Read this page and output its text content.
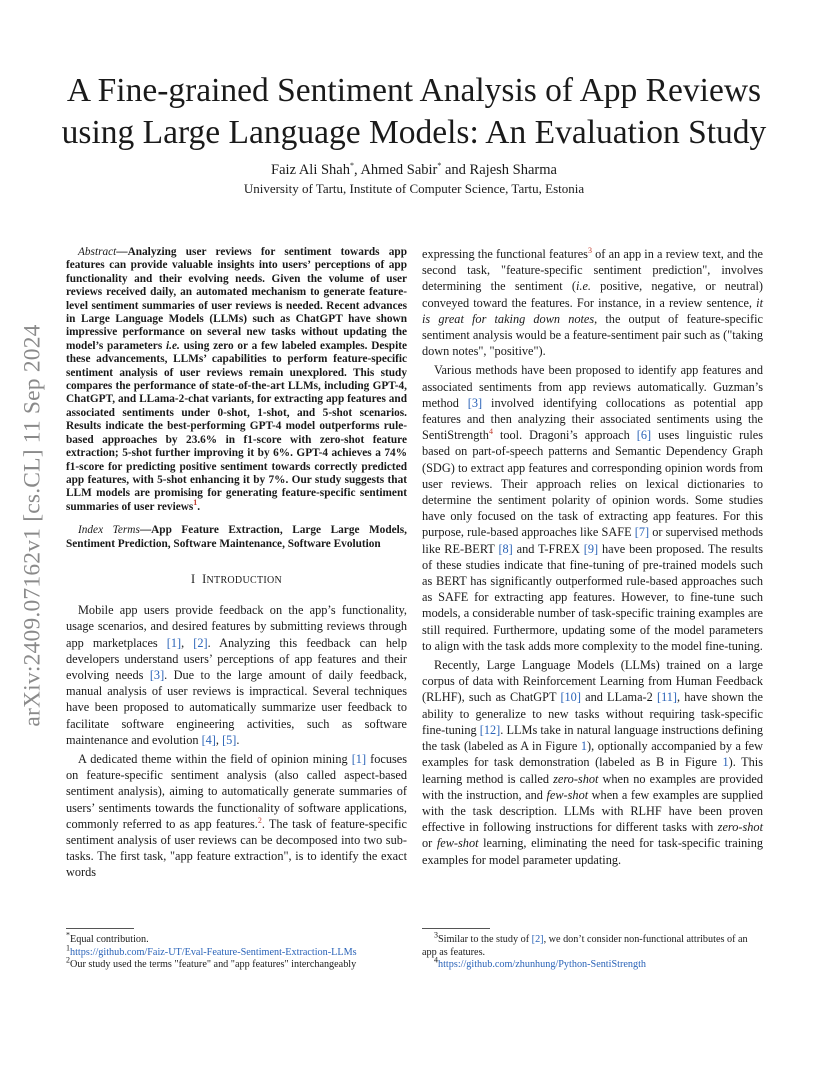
arXiv:2409.07162v1 [cs.CL] 11 Sep 2024
A Fine-grained Sentiment Analysis of App Reviews
using Large Language Models: An Evaluation Study
Faiz Ali Shah*, Ahmed Sabir* and Rajesh Sharma
University of Tartu, Institute of Computer Science, Tartu, Estonia

Abstract—Analyzing user reviews for sentiment towards app features can provide valuable insights into users’ perceptions of app functionality and their evolving needs. Given the volume of user reviews received daily, an automated mechanism to generate feature-level sentiment summaries of user reviews is needed. Recent advances in Large Language Models (LLMs) such as ChatGPT have shown impressive performance on several new tasks without updating the model’s parameters i.e. using zero or a few labeled examples. Despite these advancements, LLMs’ capabilities to perform feature-specific sentiment analysis of user reviews remain unexplored. This study compares the performance of state-of-the-art LLMs, including GPT-4, ChatGPT, and LLama-2-chat variants, for extracting app features and associated sentiments under 0-shot, 1-shot, and 5-shot scenarios. Results indicate the best-performing GPT-4 model outperforms rule-based approaches by 23.6% in f1-score with zero-shot feature extraction; 5-shot further improving it by 6%. GPT-4 achieves a 74% f1-score for predicting positive sentiment towards correctly predicted app features, with 5-shot enhancing it by 7%. Our study suggests that LLM models are promising for generating feature-specific sentiment summaries of user reviews$^1$.

Index Terms—App Feature Extraction, Large Large Models, Sentiment Prediction, Software Maintenance, Software Evolution

I INTRODUCTION

Mobile app users provide feedback on the app’s functionality, usage scenarios, and desired features by submitting reviews through app marketplaces [1], [2]. Analyzing this feedback can help developers understand users’ perceptions of app features and their evolving needs [3]. Due to the large amount of daily feedback, manual analysis of user reviews is impractical. Several techniques have been proposed to automatically summarize user feedback to facilitate software engineering activities, such as software maintenance and evolution [4], [5].

A dedicated theme within the field of opinion mining [1] focuses on feature-specific sentiment analysis (also called aspect-based sentiment analysis), aiming to automatically generate summaries of users’ sentiments towards the functionality of software applications, commonly referred to as app features.$^2$. The task of feature-specific sentiment analysis of user reviews can be decomposed into two sub-tasks. The first task, "app feature extraction", is to identify the exact words

expressing the functional features$^3$ of an app in a review text, and the second task, "feature-specific sentiment prediction", involves determining the sentiment (i.e. positive, negative, or neutral) conveyed toward the features. For instance, in a review sentence, it is great for taking down notes, the output of feature-specific sentiment analysis would be a feature-sentiment pair such as ("taking down notes", "positive").

Various methods have been proposed to identify app features and associated sentiments from app reviews automatically. Guzman’s method [3] involved identifying collocations as potential app features and then analyzing their associated sentiments using the SentiStrength$^4$ tool. Dragoni’s approach [6] uses linguistic rules based on part-of-speech patterns and Semantic Dependency Graph (SDG) to extract app features and corresponding opinion words from user reviews. Their approach relies on lexical dictionaries to determine the sentiment polarity of opinion words. Some studies have only focused on the task of extracting app features. For this purpose, rule-based approaches like SAFE [7] or supervised methods like RE-BERT [8] and T-FREX [9] have been proposed. The results of these studies indicate that fine-tuning of pre-trained models such as BERT has significantly outperformed rule-based approaches such as SAFE for extracting app features. However, to fine-tune such models, a considerable number of task-specific training examples are still required. Furthermore, updating some of the model parameters to align with the task adds more complexity to the model fine-tuning.

Recently, Large Language Models (LLMs) trained on a large corpus of data with Reinforcement Learning from Human Feedback (RLHF), such as ChatGPT [10] and LLama-2 [11], have shown the ability to generalize to new tasks without requiring task-specific fine-tuning [12]. LLMs take in natural language instructions defining the task (labeled as A in Figure 1), optionally accompanied by a few examples for task demonstration (labeled as B in Figure 1). This learning method is called zero-shot when no examples are provided with the instruction, and few-shot when a few examples are supplied with the task description. LLMs with RLHF have been proven effective in following instructions for different tasks with zero-shot or few-shot learning, eliminating the need for task-specific training examples for model parameter updating.

*Equal contribution.
$^1$https://github.com/Faiz-UT/Eval-Feature-Sentiment-Extraction-LLMs
$^2$Our study used the terms "feature" and "app features" interchangeably
$^3$Similar to the study of [2], we don’t consider non-functional attributes of an app as features.
$^4$https://github.com/zhunhung/Python-SentiStrength
